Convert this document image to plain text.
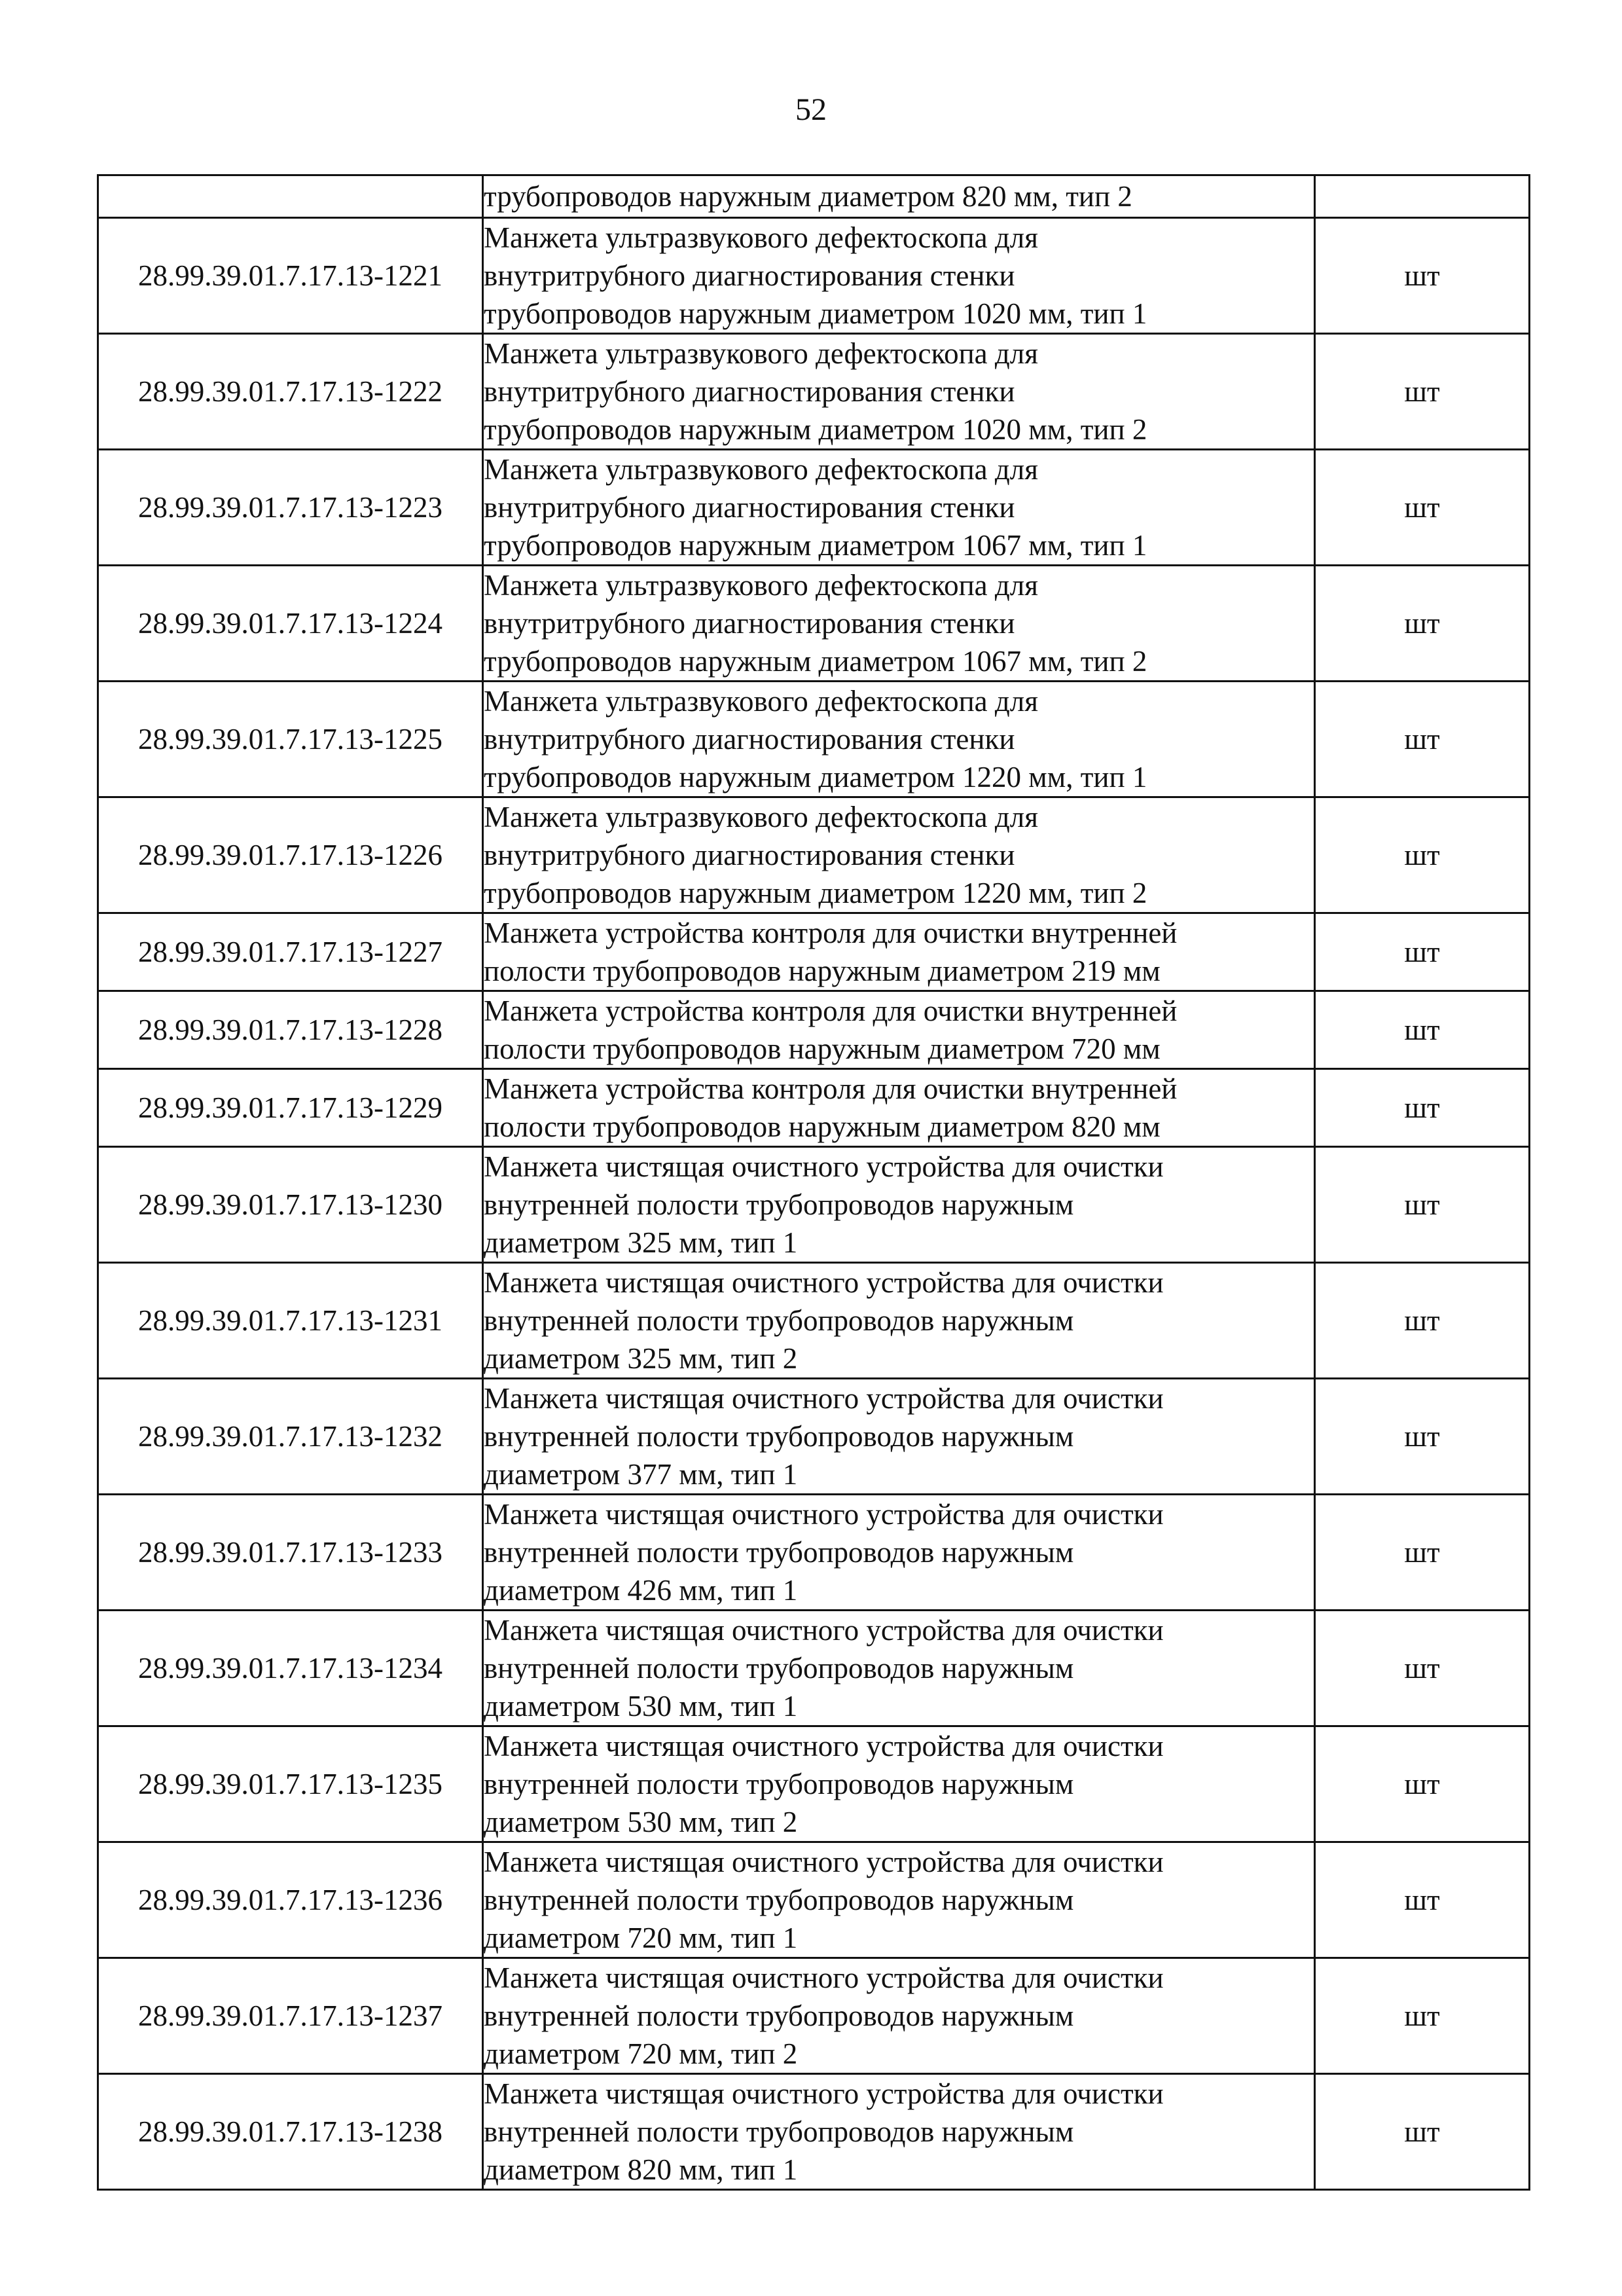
52

	трубопроводов наружным диаметром 820 мм, тип 2	

28.99.39.01.7.17.13-1221	Манжета ультразвукового дефектоскопа для
внутритрубного диагностирования стенки
трубопроводов наружным диаметром 1020 мм, тип 1	шт
28.99.39.01.7.17.13-1222	Манжета ультразвукового дефектоскопа для
внутритрубного диагностирования стенки
трубопроводов наружным диаметром 1020 мм, тип 2	шт
28.99.39.01.7.17.13-1223	Манжета ультразвукового дефектоскопа для
внутритрубного диагностирования стенки
трубопроводов наружным диаметром 1067 мм, тип 1	шт
28.99.39.01.7.17.13-1224	Манжета ультразвукового дефектоскопа для
внутритрубного диагностирования стенки
трубопроводов наружным диаметром 1067 мм, тип 2	шт
28.99.39.01.7.17.13-1225	Манжета ультразвукового дефектоскопа для
внутритрубного диагностирования стенки
трубопроводов наружным диаметром 1220 мм, тип 1	шт
28.99.39.01.7.17.13-1226	Манжета ультразвукового дефектоскопа для
внутритрубного диагностирования стенки
трубопроводов наружным диаметром 1220 мм, тип 2	шт
28.99.39.01.7.17.13-1227	Манжета устройства контроля для очистки внутренней
полости трубопроводов наружным диаметром 219 мм	шт
28.99.39.01.7.17.13-1228	Манжета устройства контроля для очистки внутренней
полости трубопроводов наружным диаметром 720 мм	шт
28.99.39.01.7.17.13-1229	Манжета устройства контроля для очистки внутренней
полости трубопроводов наружным диаметром 820 мм	шт
28.99.39.01.7.17.13-1230	Манжета чистящая очистного устройства для очистки
внутренней полости трубопроводов наружным
диаметром 325 мм, тип 1	шт
28.99.39.01.7.17.13-1231	Манжета чистящая очистного устройства для очистки
внутренней полости трубопроводов наружным
диаметром 325 мм, тип 2	шт
28.99.39.01.7.17.13-1232	Манжета чистящая очистного устройства для очистки
внутренней полости трубопроводов наружным
диаметром 377 мм, тип 1	шт
28.99.39.01.7.17.13-1233	Манжета чистящая очистного устройства для очистки
внутренней полости трубопроводов наружным
диаметром 426 мм, тип 1	шт
28.99.39.01.7.17.13-1234	Манжета чистящая очистного устройства для очистки
внутренней полости трубопроводов наружным
диаметром 530 мм, тип 1	шт
28.99.39.01.7.17.13-1235	Манжета чистящая очистного устройства для очистки
внутренней полости трубопроводов наружным
диаметром 530 мм, тип 2	шт
28.99.39.01.7.17.13-1236	Манжета чистящая очистного устройства для очистки
внутренней полости трубопроводов наружным
диаметром 720 мм, тип 1	шт
28.99.39.01.7.17.13-1237	Манжета чистящая очистного устройства для очистки
внутренней полости трубопроводов наружным
диаметром 720 мм, тип 2	шт
28.99.39.01.7.17.13-1238	Манжета чистящая очистного устройства для очистки
внутренней полости трубопроводов наружным
диаметром 820 мм, тип 1	шт
